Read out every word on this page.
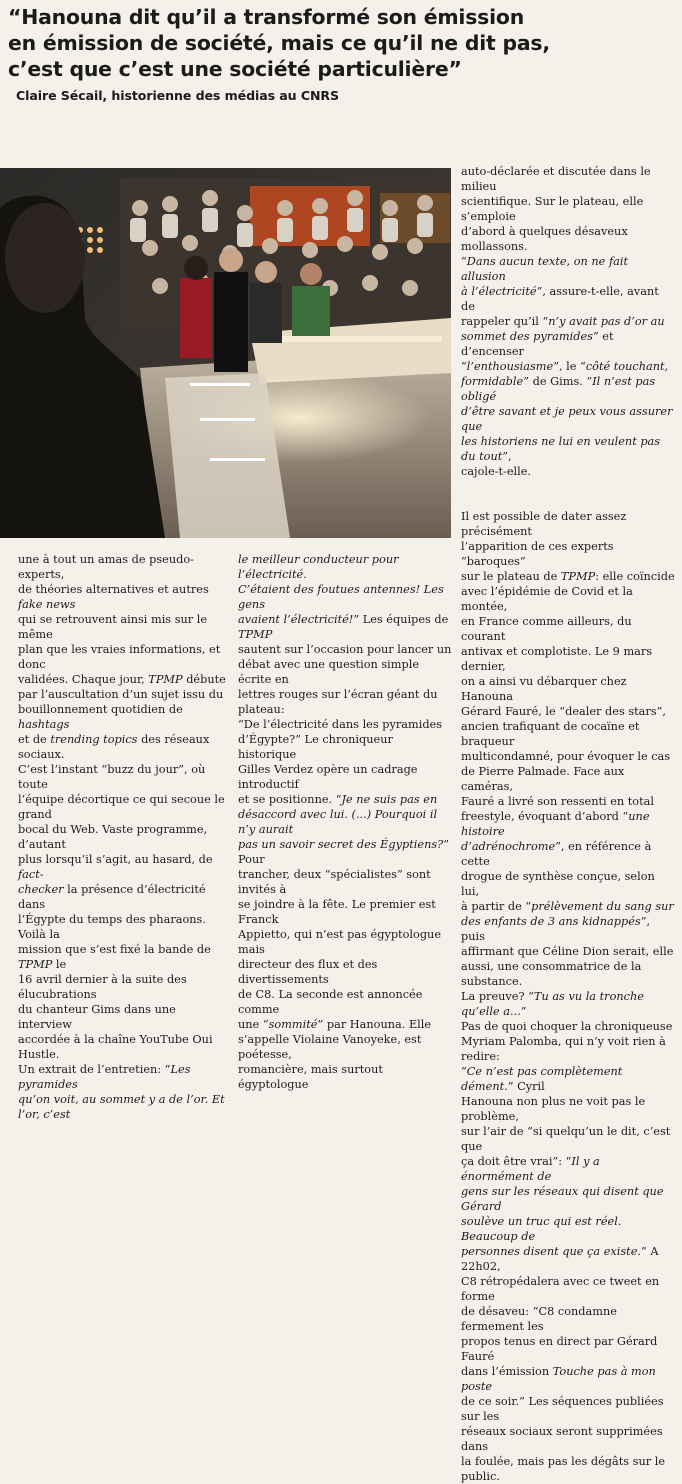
“Hanouna dit qu’il a transformé son émission
en émission de société, mais ce qu’il ne dit pas,
c’est que c’est une société particulière”
Claire Sécail, historienne des médias au CNRS

une à tout un amas de pseudo-experts,

de théories alternatives et autres fake news

qui se retrouvent ainsi mis sur le même

plan que les vraies informations, et donc

validées. Chaque jour, TPMP débute

par l’auscultation d’un sujet issu du

bouillonnement quotidien de hashtags

et de trending topics des réseaux sociaux.

C’est l’instant “buzz du jour”, où toute

l’équipe décortique ce qui secoue le grand

bocal du Web. Vaste programme, d’autant

plus lorsqu’il s’agit, au hasard, de fact-

checker la présence d’électricité dans

l’Égypte du temps des pharaons. Voilà la

mission que s’est fixé la bande de TPMP le

16 avril dernier à la suite des élucubrations

du chanteur Gims dans une interview

accordée à la chaîne YouTube Oui Hustle.

Un extrait de l’entretien: “Les pyramides

qu’on voit, au sommet y a de l’or. Et l’or, c’est

le meilleur conducteur pour l’électricité.

C’étaient des foutues antennes! Les gens

avaient l’électricité!” Les équipes de TPMP

sautent sur l’occasion pour lancer un

débat avec une question simple écrite en

lettres rouges sur l’écran géant du plateau:

“De l’électricité dans les pyramides

d’Égypte?” Le chroniqueur historique

Gilles Verdez opère un cadrage introductif

et se positionne. “Je ne suis pas en

désaccord avec lui. (...) Pourquoi il n’y aurait

pas un savoir secret des Égyptiens?” Pour

trancher, deux “spécialistes” sont invités à

se joindre à la fête. Le premier est Franck

Appietto, qui n’est pas égyptologue mais

directeur des flux et des divertissements

de C8. La seconde est annoncée comme

une “sommité” par Hanouna. Elle

s’appelle Violaine Vanoyeke, est poétesse,

romancière, mais surtout égyptologue

auto-déclarée et discutée dans le milieu

scientifique. Sur le plateau, elle s’emploie

d’abord à quelques désaveux mollassons.

“Dans aucun texte, on ne fait allusion

à l’électricité”, assure-t-elle, avant de

rappeler qu’il “n’y avait pas d’or au

sommet des pyramides” et d’encenser

“l’enthousiasme”, le “côté touchant,

formidable” de Gims. “Il n’est pas obligé

d’être savant et je peux vous assurer que

les historiens ne lui en veulent pas du tout”,

cajole-t-elle.

Il est possible de dater assez précisément

l’apparition de ces experts “baroques”

sur le plateau de TPMP: elle coïncide

avec l’épidémie de Covid et la montée,

en France comme ailleurs, du courant

antivax et complotiste. Le 9 mars dernier,

on a ainsi vu débarquer chez Hanouna

Gérard Fauré, le “dealer des stars”,

ancien trafiquant de cocaïne et braqueur

multicondamné, pour évoquer le cas

de Pierre Palmade. Face aux caméras,

Fauré a livré son ressenti en total

freestyle, évoquant d’abord “une histoire

d’adrénochrome”, en référence à cette

drogue de synthèse conçue, selon lui,

à partir de “prélèvement du sang sur

des enfants de 3 ans kidnappés”, puis

affirmant que Céline Dion serait, elle

aussi, une consommatrice de la substance.

La preuve? “Tu as vu la tronche qu’elle a...”

Pas de quoi choquer la chroniqueuse

Myriam Palomba, qui n’y voit rien à redire:

“Ce n’est pas complètement dément.” Cyril

Hanouna non plus ne voit pas le problème,

sur l’air de “si quelqu’un le dit, c’est que

ça doit être vrai”: “Il y a énormément de

gens sur les réseaux qui disent que Gérard

soulève un truc qui est réel. Beaucoup de

personnes disent que ça existe.” A 22h02,

C8 rétropédalera avec ce tweet en forme

de désaveu: “C8 condamne fermement les

propos tenus en direct par Gérard Fauré

dans l’émission Touche pas à mon poste

de ce soir.” Les séquences publiées sur les

réseaux sociaux seront supprimées dans

la foulée, mais pas les dégâts sur le public.
